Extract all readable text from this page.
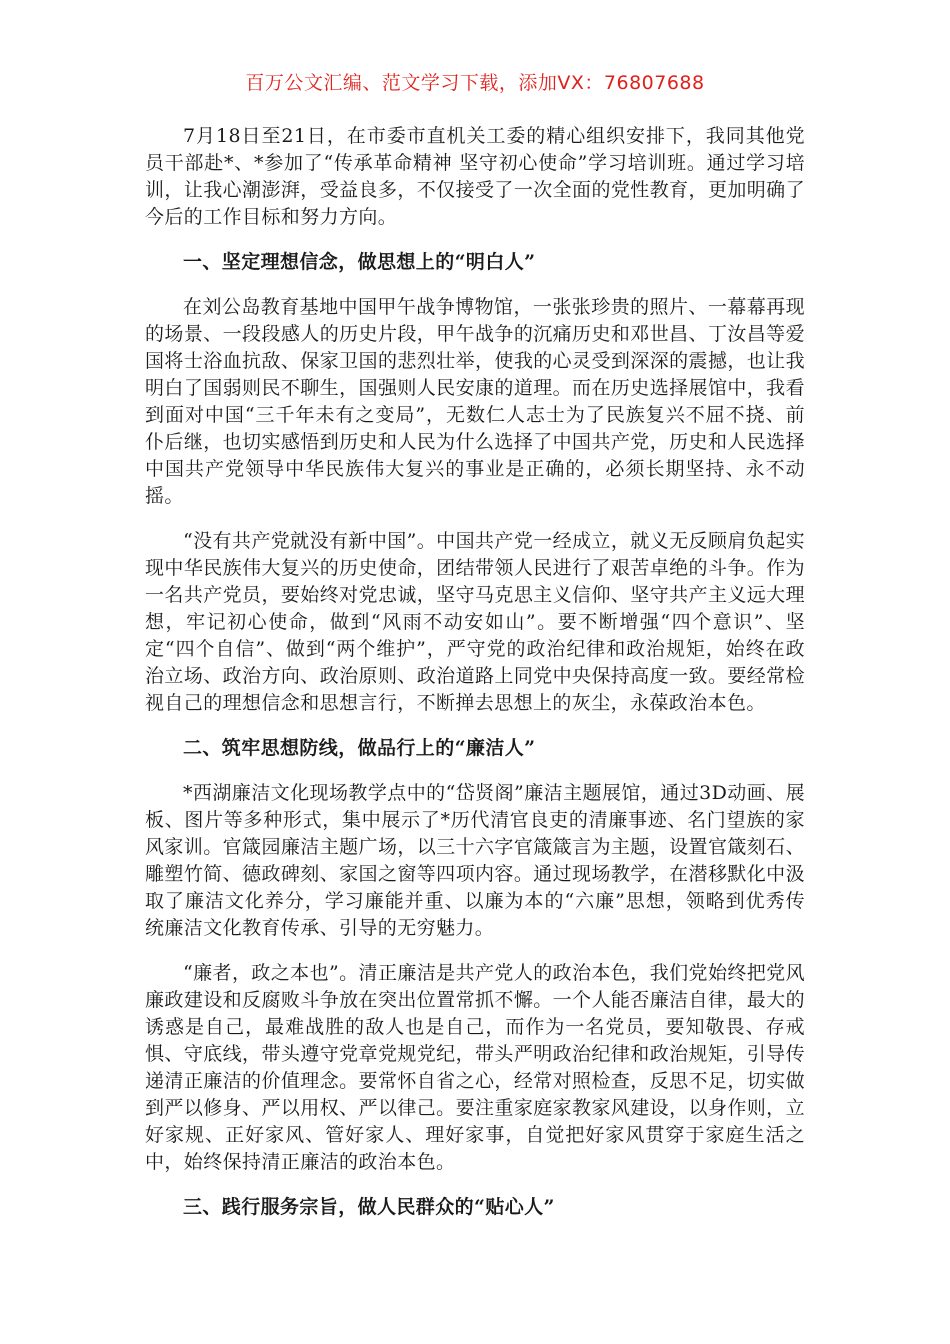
百万公文汇编、范文学习下载，添加VX：76807688

7月18日至21日，在市委市直机关工委的精心组织安排下，我同其他党员干部赴*、*参加了“传承革命精神 坚守初心使命”学习培训班。通过学习培训，让我心潮澎湃，受益良多，不仅接受了一次全面的党性教育，更加明确了今后的工作目标和努力方向。

一、坚定理想信念，做思想上的“明白人”

在刘公岛教育基地中国甲午战争博物馆，一张张珍贵的照片、一幕幕再现的场景、一段段感人的历史片段，甲午战争的沉痛历史和邓世昌、丁汝昌等爱国将士浴血抗敌、保家卫国的悲烈壮举，使我的心灵受到深深的震撼，也让我明白了国弱则民不聊生，国强则人民安康的道理。而在历史选择展馆中，我看到面对中国“三千年未有之变局”，无数仁人志士为了民族复兴不屈不挠、前仆后继，也切实感悟到历史和人民为什么选择了中国共产党，历史和人民选择中国共产党领导中华民族伟大复兴的事业是正确的，必须长期坚持、永不动摇。

“没有共产党就没有新中国”。中国共产党一经成立，就义无反顾肩负起实现中华民族伟大复兴的历史使命，团结带领人民进行了艰苦卓绝的斗争。作为一名共产党员，要始终对党忠诚，坚守马克思主义信仰、坚守共产主义远大理想，牢记初心使命，做到“风雨不动安如山”。要不断增强“四个意识”、坚定“四个自信”、做到“两个维护”，严守党的政治纪律和政治规矩，始终在政治立场、政治方向、政治原则、政治道路上同党中央保持高度一致。要经常检视自己的理想信念和思想言行，不断掸去思想上的灰尘，永葆政治本色。

二、筑牢思想防线，做品行上的“廉洁人”

*西湖廉洁文化现场教学点中的“岱贤阁”廉洁主题展馆，通过3D动画、展板、图片等多种形式，集中展示了*历代清官良吏的清廉事迹、名门望族的家风家训。官箴园廉洁主题广场，以三十六字官箴箴言为主题，设置官箴刻石、雕塑竹简、德政碑刻、家国之窗等四项内容。通过现场教学，在潜移默化中汲取了廉洁文化养分，学习廉能并重、以廉为本的“六廉”思想，领略到优秀传统廉洁文化教育传承、引导的无穷魅力。

“廉者，政之本也”。清正廉洁是共产党人的政治本色，我们党始终把党风廉政建设和反腐败斗争放在突出位置常抓不懈。一个人能否廉洁自律，最大的诱惑是自己，最难战胜的敌人也是自己，而作为一名党员，要知敬畏、存戒惧、守底线，带头遵守党章党规党纪，带头严明政治纪律和政治规矩，引导传递清正廉洁的价值理念。要常怀自省之心，经常对照检查，反思不足，切实做到严以修身、严以用权、严以律己。要注重家庭家教家风建设，以身作则，立好家规、正好家风、管好家人、理好家事，自觉把好家风贯穿于家庭生活之中，始终保持清正廉洁的政治本色。

三、践行服务宗旨，做人民群众的“贴心人”
